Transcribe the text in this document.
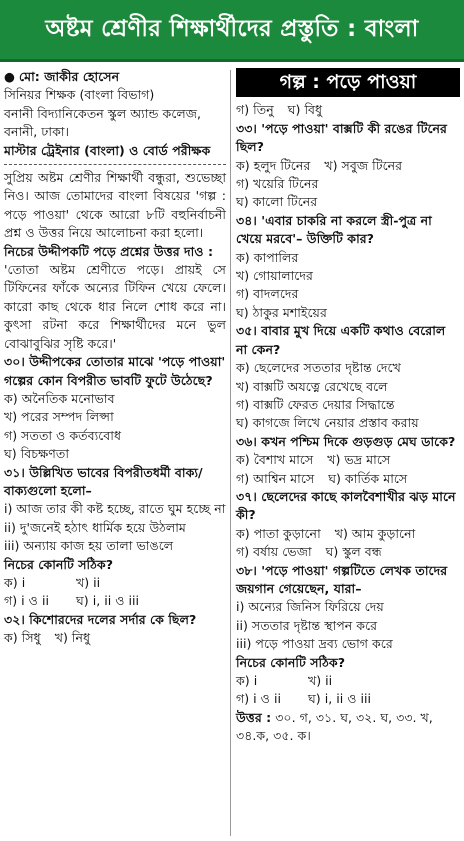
অষ্টম শ্রেণীর শিক্ষার্থীদের প্রস্তুতি : বাংলা
● মো: জাকীর হোসেন
সিনিয়র শিক্ষক (বাংলা বিভাগ)
বনানী বিদ্যানিকেতন স্কুল অ্যান্ড কলেজ, বনানী, ঢাকা।
মাস্টার ট্রেইনার (বাংলা) ও বোর্ড পরীক্ষক
সুপ্রিয় অষ্টম শ্রেণীর শিক্ষার্থী বন্ধুরা, শুভেচ্ছা নিও। আজ তোমাদের বাংলা বিষয়ের 'গল্প : পড়ে পাওয়া' থেকে আরো ৮টি বহুনির্বাচনী প্রশ্ন ও উত্তর নিয়ে আলোচনা করা হলো।
নিচের উদ্দীপকটি পড়ে প্রশ্নের উত্তর দাও :
'তোতা অষ্টম শ্রেণীতে পড়ে। প্রায়ই সে টিফিনের ফাঁকে অন্যের টিফিন খেয়ে ফেলে। কারো কাছ থেকে ধার নিলে শোধ করে না। কুৎসা রটনা করে শিক্ষার্থীদের মনে ভুল বোঝাবুঝির সৃষ্টি করে।'
৩০। উদ্দীপকের তোতার মাঝে 'পড়ে পাওয়া' গল্পের কোন বিপরীত ভাবটি ফুটে উঠেছে?
ক) অনৈতিক মনোভাব
খ) পরের সম্পদ লিপ্সা
গ) সততা ও কর্তব্যবোধ
ঘ) বিচক্ষণতা
৩১। উল্লিখিত ভাবের বিপরীতধর্মী বাক্য/ বাক্যগুলো হলো–
i) আজ তার কী কষ্ট হচ্ছে, রাতে ঘুম হচ্ছে না
ii) দু'জনেই হঠাৎ ধার্মিক হয়ে উঠলাম
iii) অন্যায় কাজ হয় তালা ভাঙলে
নিচের কোনটি সঠিক?
ক) i	খ) ii
গ) i ও ii	ঘ) i, ii ও iii
৩২। কিশোরদের দলের সর্দার কে ছিল?
ক) সিধু খ) নিধু
গল্প : পড়ে পাওয়া
গ) তিনু ঘ) বিধু
৩৩। 'পড়ে পাওয়া' বাক্সটি কী রঙের টিনের ছিল?
ক) হলুদ টিনের খ) সবুজ টিনের
গ) খয়েরি টিনের
ঘ) কালো টিনের
৩৪। 'এবার চাকরি না করলে স্ত্রী-পুত্র না খেয়ে মরবে'– উক্তিটি কার?
ক) কাপালির
খ) গোয়ালাদের
গ) বাদলদের
ঘ) ঠাকুর মশাইয়ের
৩৫। বাবার মুখ দিয়ে একটি কথাও বেরোল না কেন?
ক) ছেলেদের সততার দৃষ্টান্ত দেখে
খ) বাক্সটি অযত্নে রেখেছে বলে
গ) বাক্সটি ফেরত দেয়ার সিদ্ধান্তে
ঘ) কাগজে লিখে নেয়ার প্রস্তাব করায়
৩৬। কখন পশ্চিম দিকে গুড়গুড় মেঘ ডাকে?
ক) বৈশাখ মাসে খ) ভদ্র মাসে
গ) আশ্বিন মাসে ঘ) কার্তিক মাসে
৩৭। ছেলেদের কাছে কালবৈশাখীর ঝড় মানে কী?
ক) পাতা কুড়ানো খ) আম কুড়ানো
গ) বর্ষায় ভেজা ঘ) স্কুল বন্ধ
৩৮। 'পড়ে পাওয়া' গল্পটিতে লেখক তাদের জয়গান গেয়েছেন, যারা–
i) অন্যের জিনিস ফিরিয়ে দেয়
ii) সততার দৃষ্টান্ত স্থাপন করে
iii) পড়ে পাওয়া দ্রব্য ভোগ করে
নিচের কোনটি সঠিক?
ক) i	খ) ii
গ) i ও ii	ঘ) i, ii ও iii
উত্তর : ৩০. গ, ৩১. ঘ, ৩২. ঘ, ৩৩. খ, ৩৪.ক, ৩৫. ক।
